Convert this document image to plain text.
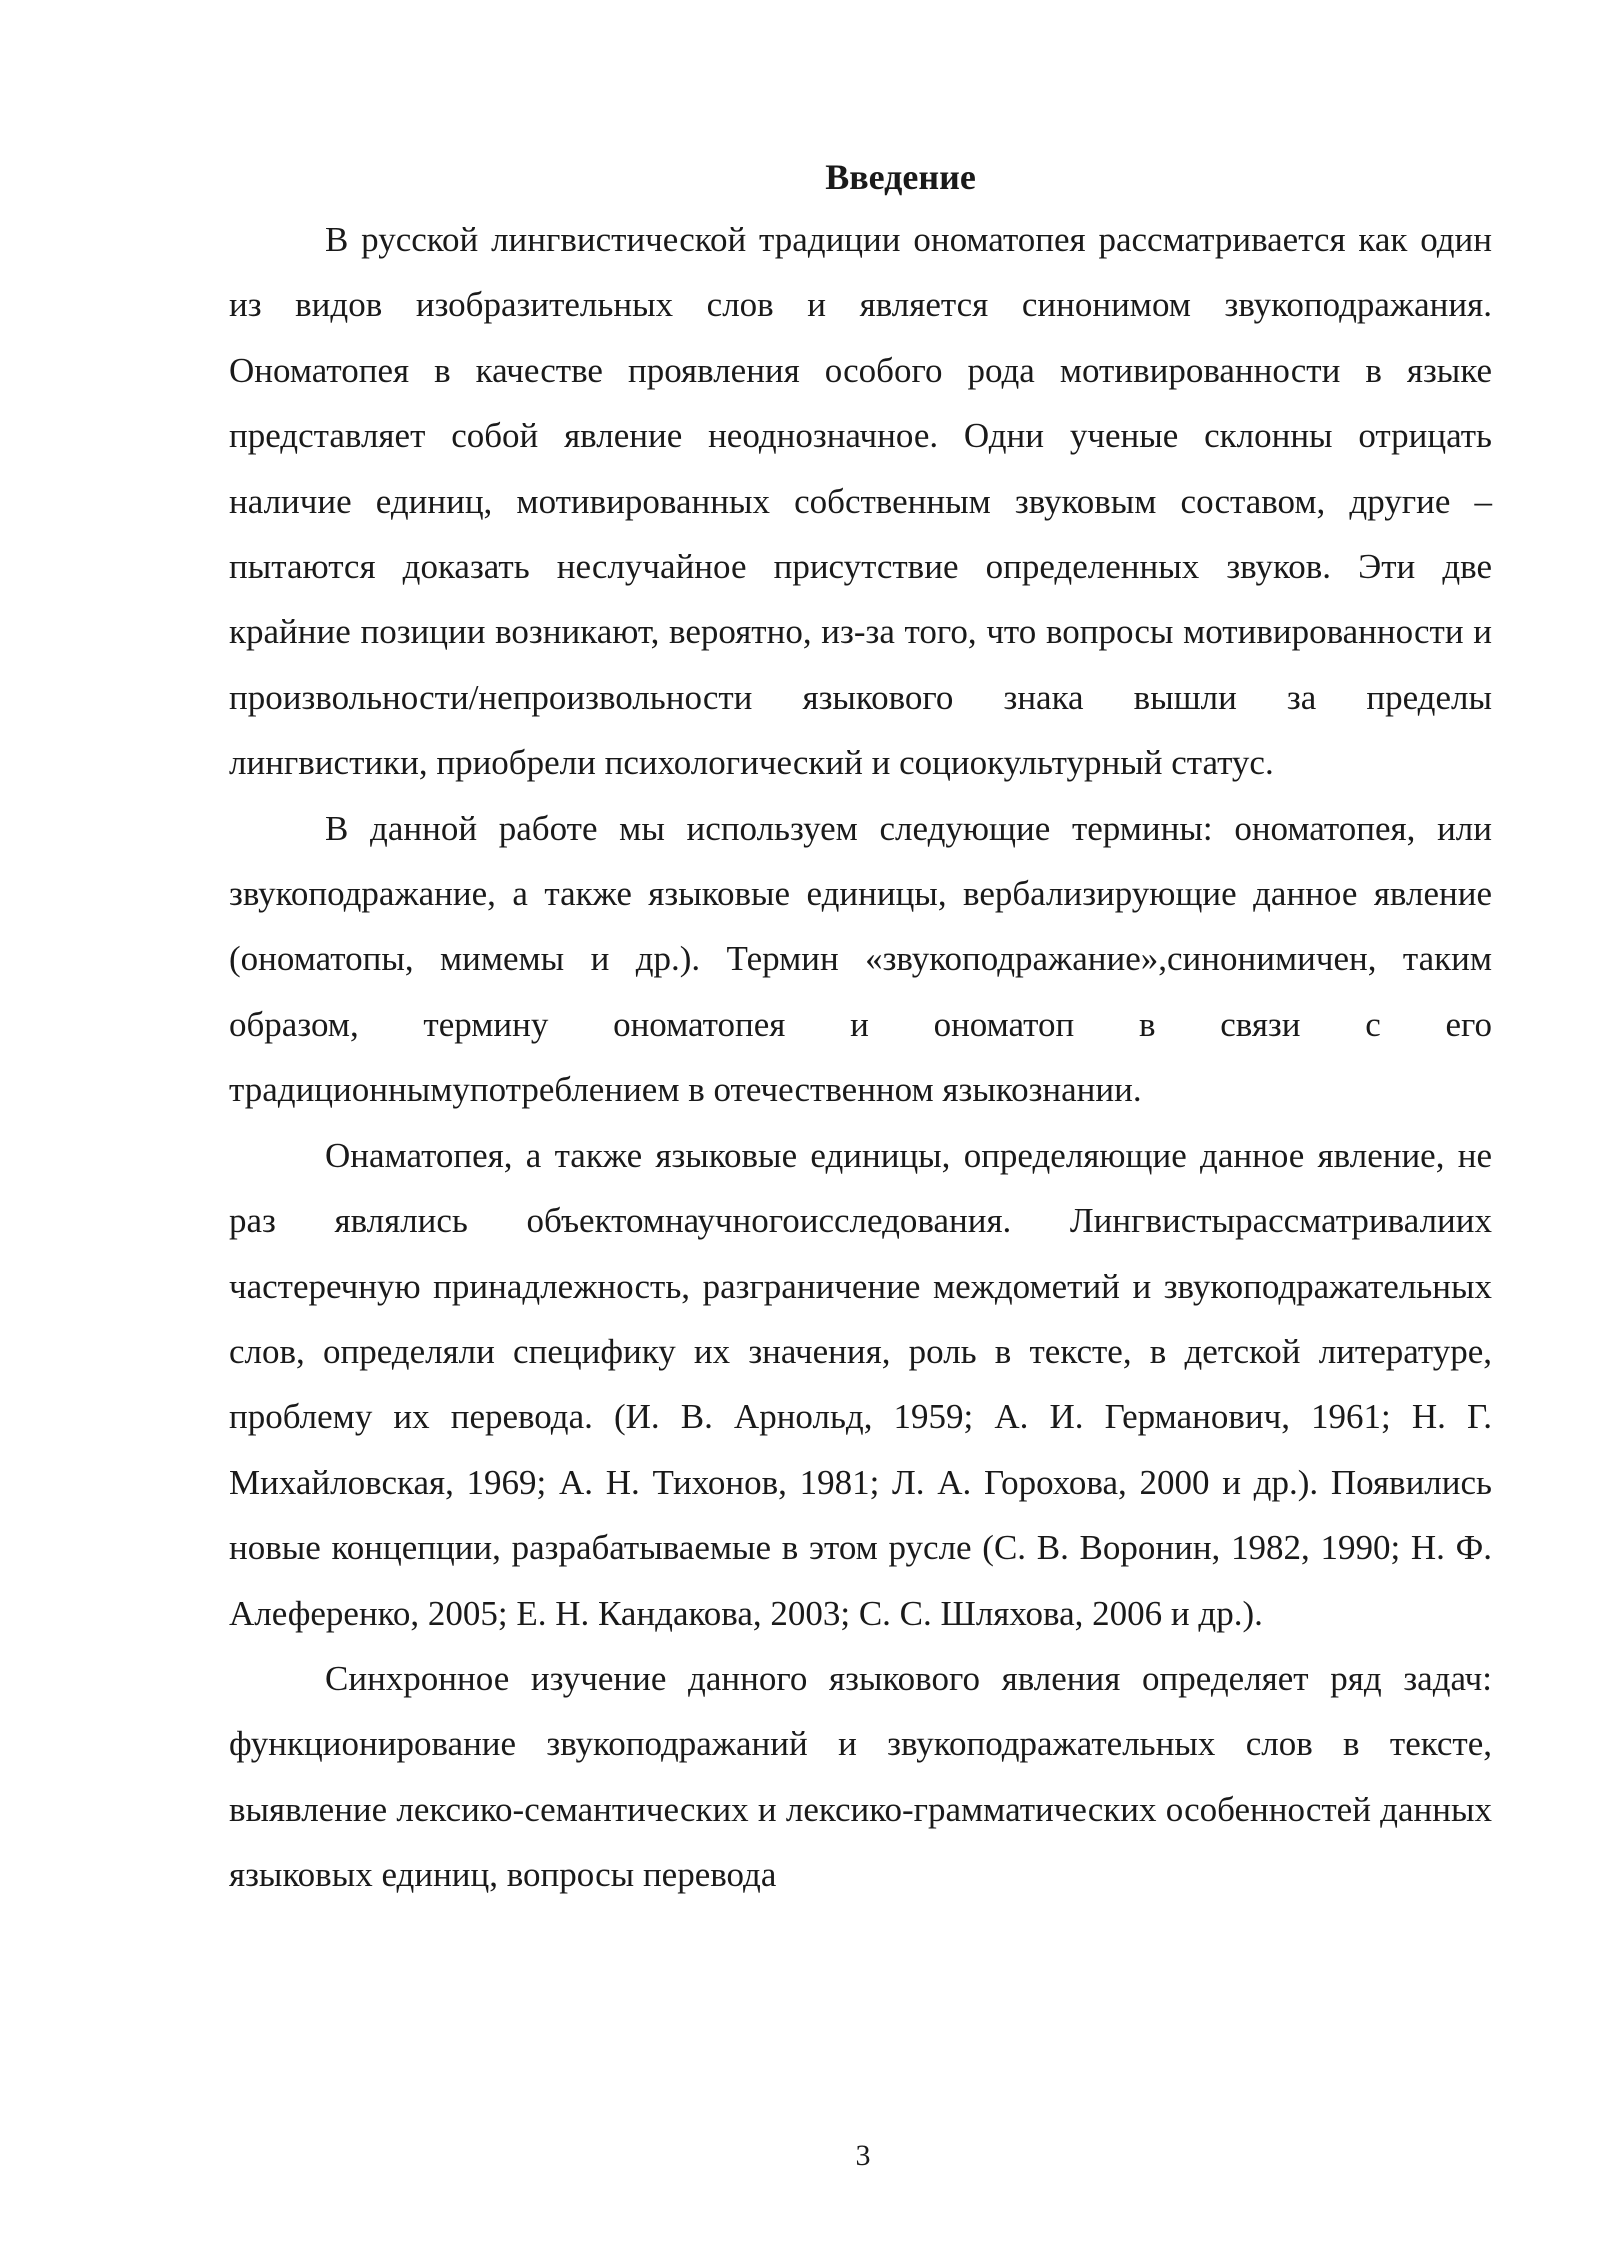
Введение

В русской лингвистической традиции ономатопея рассматривается как один из видов изобразительных слов и является синонимом звукоподражания. Ономатопея в качестве проявления особого рода мотивированности в языке представляет собой явление неоднозначное. Одни ученые склонны отрицать наличие единиц, мотивированных собственным звуковым составом, другие – пытаются доказать неслучайное присутствие определенных звуков. Эти две крайние позиции возникают, вероятно, из-за того, что вопросы мотивированности и произвольности/непроизвольности языкового знака вышли за пределы лингвистики, приобрели психологический и социокультурный статус.

В данной работе мы используем следующие термины: ономатопея, или звукоподражание, а также языковые единицы, вербализирующие данное явление (ономатопы, мимемы и др.). Термин «звукоподражание»,синонимичен, таким образом, термину ономатопея и ономатоп в связи с его традиционнымупотреблением в отечественном языкознании.

Онаматопея, а также языковые единицы, определяющие данное явление, не раз являлись объектомнаучногоисследования. Лингвистырассматривалиих частеречную принадлежность, разграничение междометий и звукоподражательных слов, определяли специфику их значения, роль в тексте, в детской литературе, проблему их перевода. (И. В. Арнольд, 1959; А. И. Германович, 1961; Н. Г. Михайловская, 1969; А. Н. Тихонов, 1981; Л. А. Горохова, 2000 и др.). Появились новые концепции, разрабатываемые в этом русле (С. В. Воронин, 1982, 1990; Н. Ф. Алеференко, 2005; Е. Н. Кандакова, 2003; С. С. Шляхова, 2006 и др.).

Синхронное изучение данного языкового явления определяет ряд задач: функционирование звукоподражаний и звукоподражательных слов в тексте, выявление лексико-семантических и лексико-грамматических особенностей данных языковых единиц, вопросы перевода

3
